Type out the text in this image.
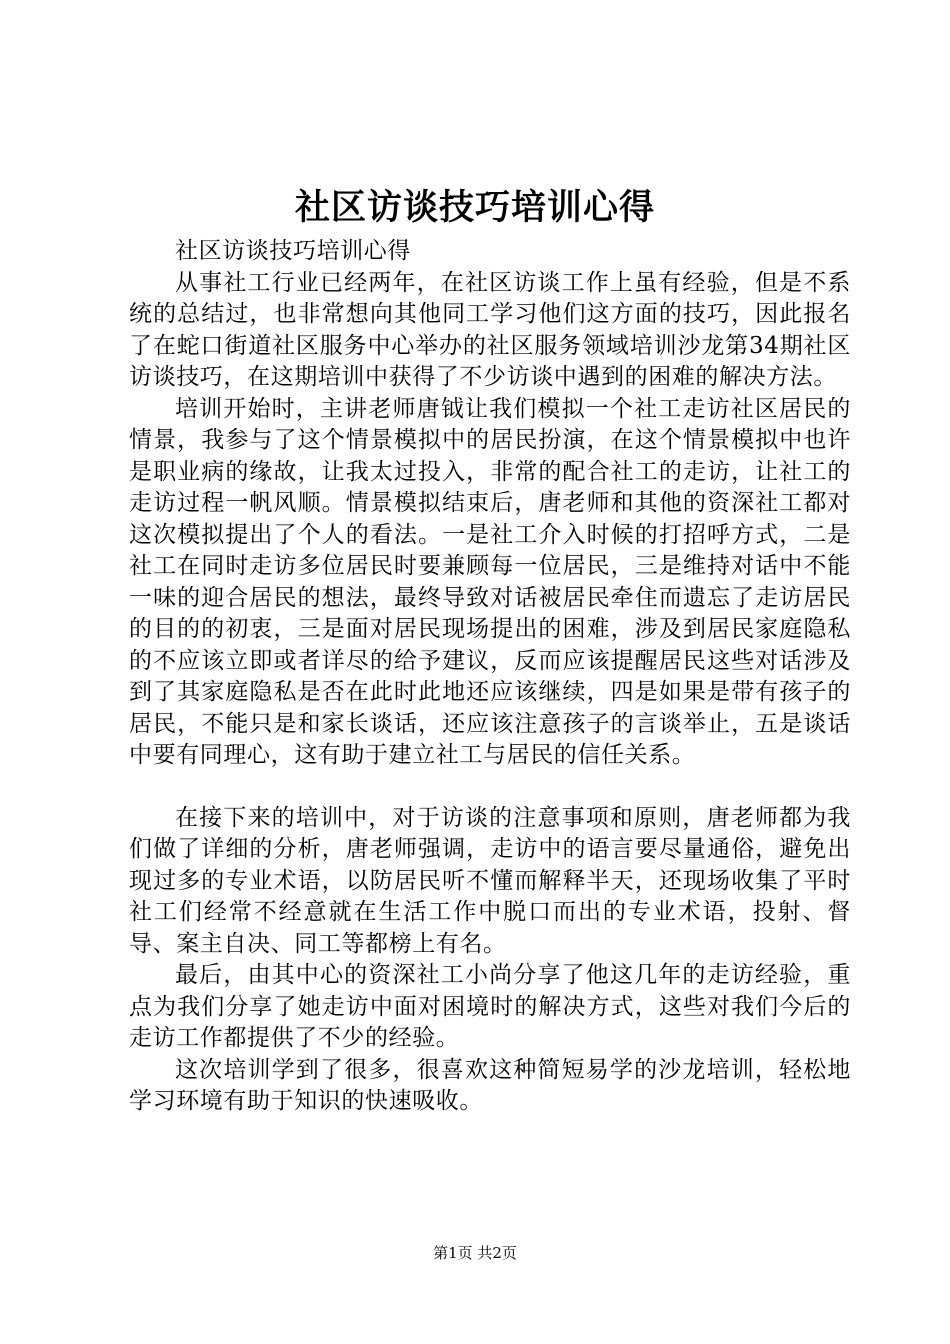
社区访谈技巧培训心得

社区访谈技巧培训心得

从事社工行业已经两年，在社区访谈工作上虽有经验，但是不系统的总结过，也非常想向其他同工学习他们这方面的技巧，因此报名了在蛇口街道社区服务中心举办的社区服务领域培训沙龙第34期社区访谈技巧，在这期培训中获得了不少访谈中遇到的困难的解决方法。

培训开始时，主讲老师唐钺让我们模拟一个社工走访社区居民的情景，我参与了这个情景模拟中的居民扮演，在这个情景模拟中也许是职业病的缘故，让我太过投入，非常的配合社工的走访，让社工的走访过程一帆风顺。情景模拟结束后，唐老师和其他的资深社工都对这次模拟提出了个人的看法。一是社工介入时候的打招呼方式，二是社工在同时走访多位居民时要兼顾每一位居民，三是维持对话中不能一味的迎合居民的想法，最终导致对话被居民牵住而遗忘了走访居民的目的的初衷，三是面对居民现场提出的困难，涉及到居民家庭隐私的不应该立即或者详尽的给予建议，反而应该提醒居民这些对话涉及到了其家庭隐私是否在此时此地还应该继续，四是如果是带有孩子的居民，不能只是和家长谈话，还应该注意孩子的言谈举止，五是谈话中要有同理心，这有助于建立社工与居民的信任关系。

在接下来的培训中，对于访谈的注意事项和原则，唐老师都为我们做了详细的分析，唐老师强调，走访中的语言要尽量通俗，避免出现过多的专业术语，以防居民听不懂而解释半天，还现场收集了平时社工们经常不经意就在生活工作中脱口而出的专业术语，投射、督导、案主自决、同工等都榜上有名。

最后，由其中心的资深社工小尚分享了他这几年的走访经验，重点为我们分享了她走访中面对困境时的解决方式，这些对我们今后的走访工作都提供了不少的经验。

这次培训学到了很多，很喜欢这种简短易学的沙龙培训，轻松地学习环境有助于知识的快速吸收。

第1页 共2页
